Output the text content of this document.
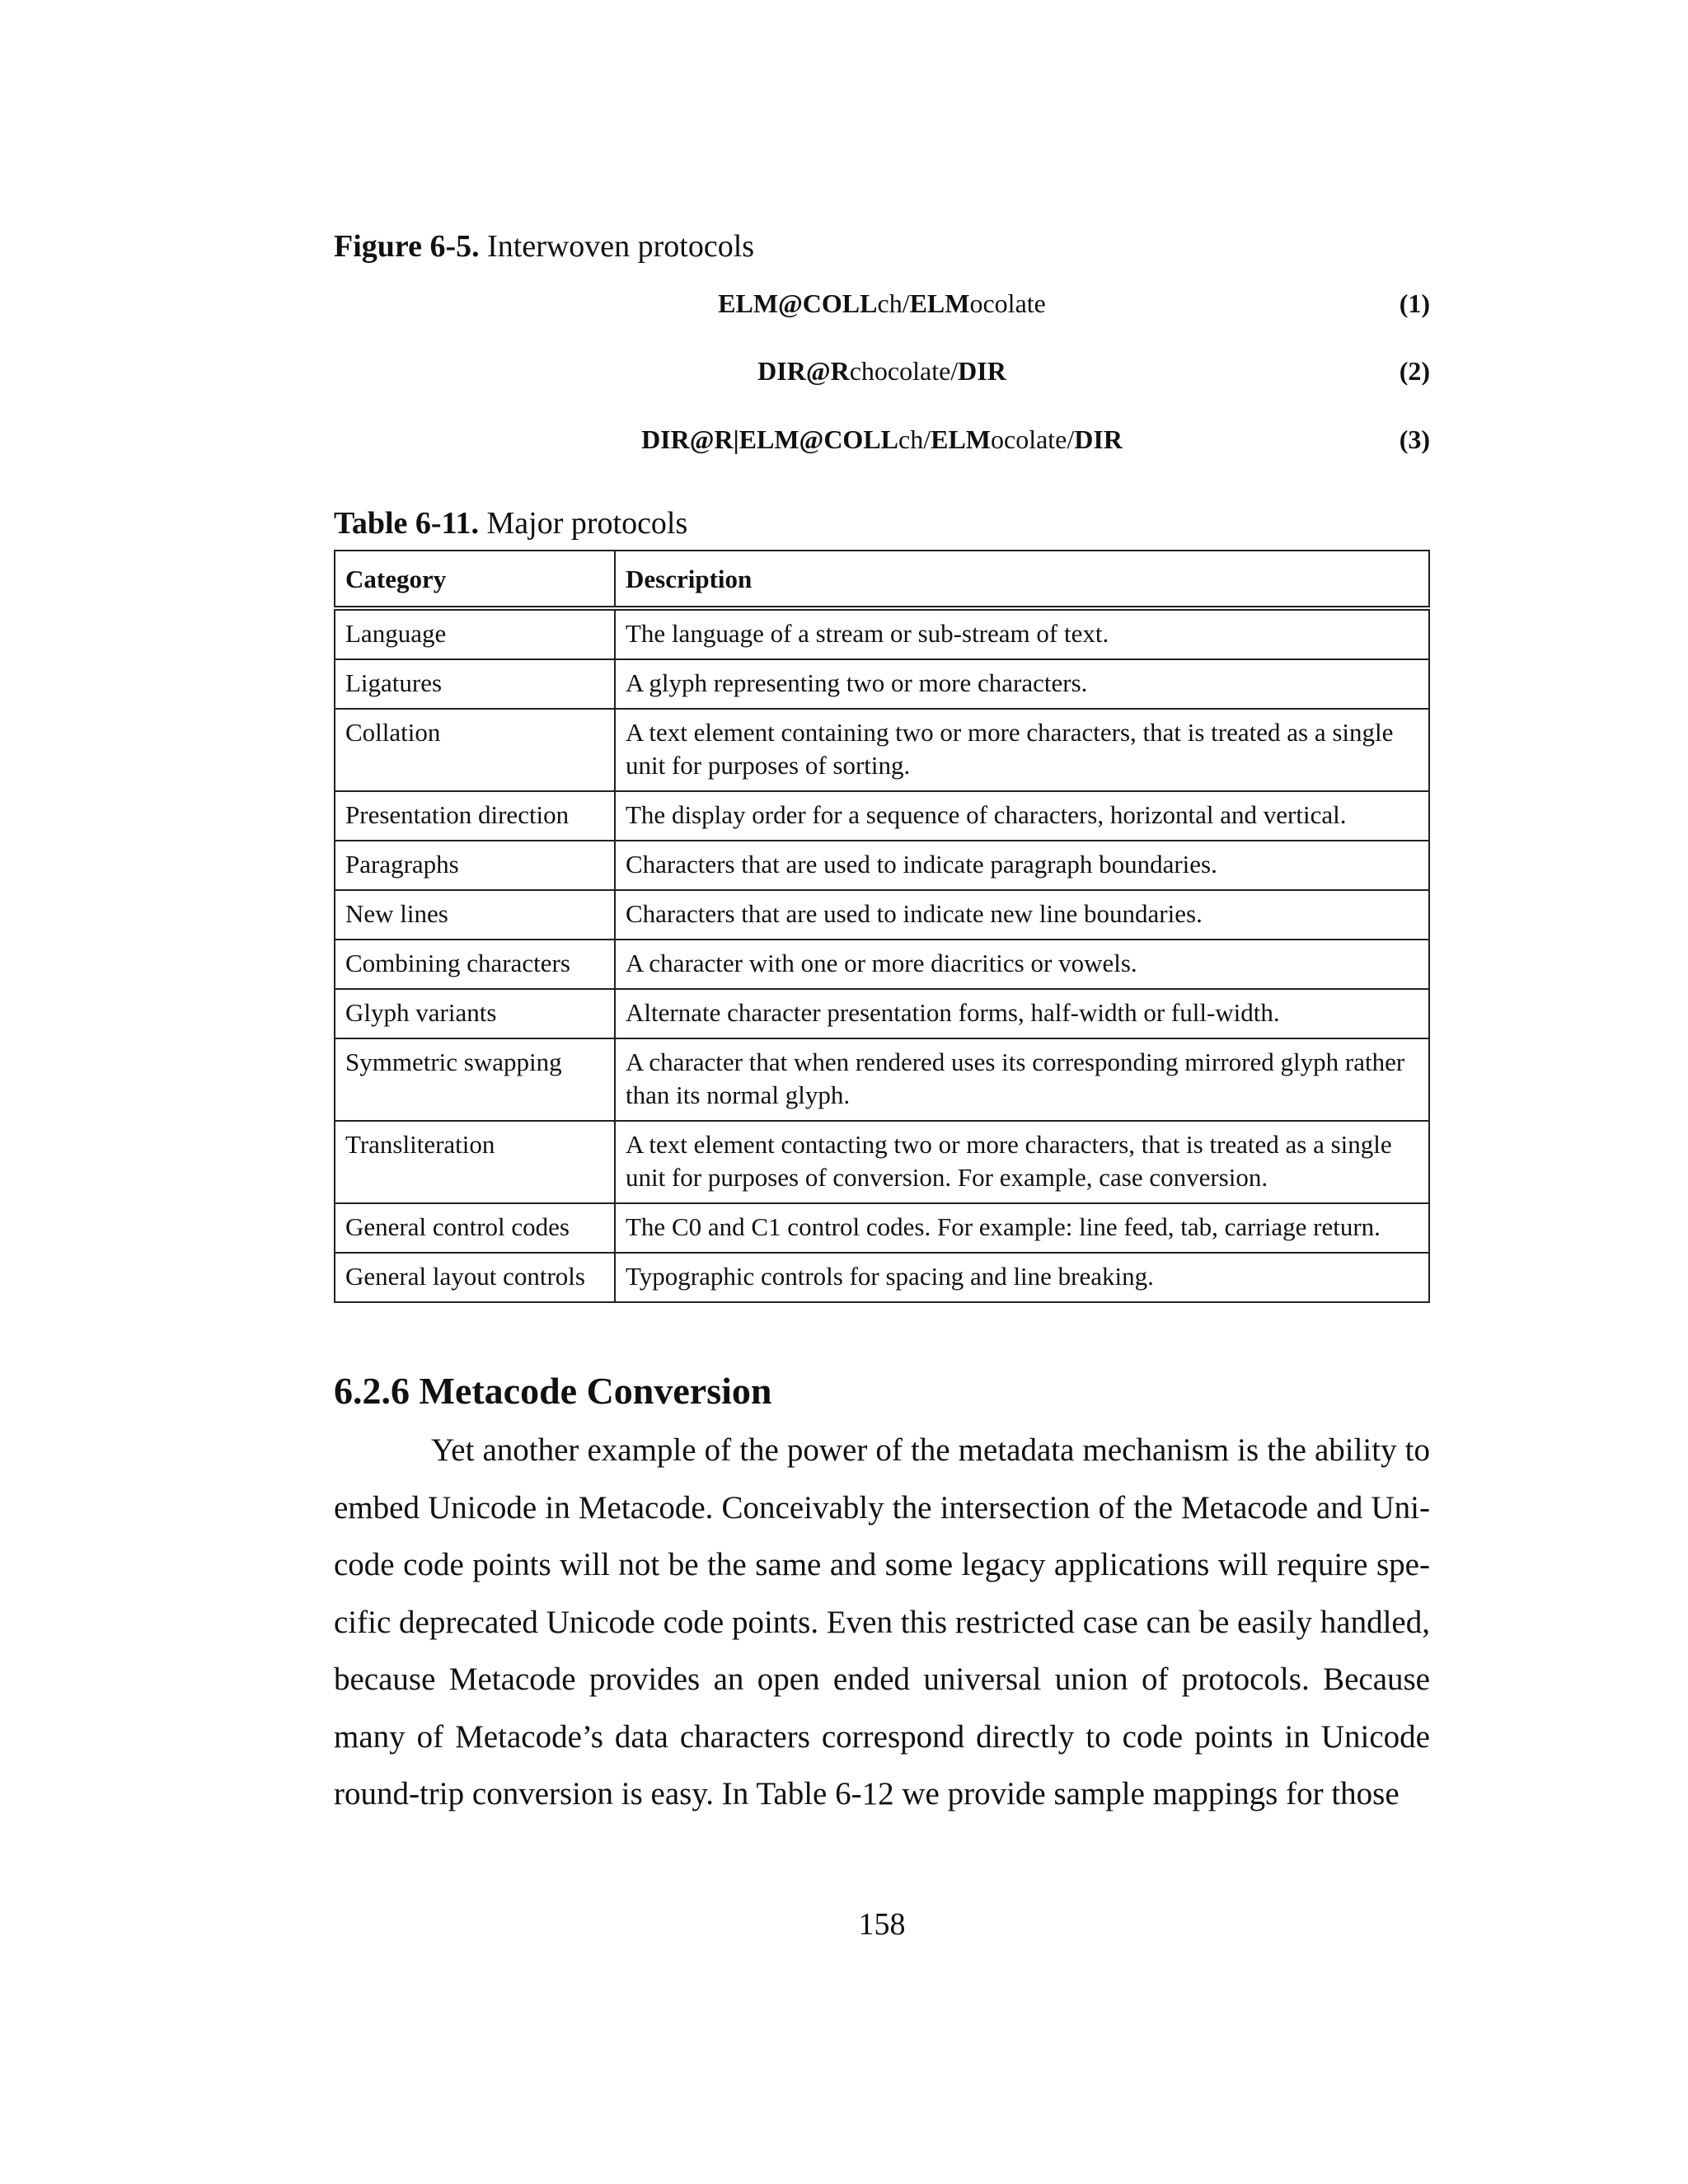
Figure 6-5. Interwoven protocols
ELM@COLLch/ELMocolate	(1)
DIR@Rchocolate/DIR	(2)
DIR@R|ELM@COLLch/ELMocolate/DIR	(3)
Table 6-11. Major protocols
Category	Description
Language	The language of a stream or sub-stream of text.
Ligatures	A glyph representing two or more characters.
Collation	A text element containing two or more characters, that is treated as a single unit for purposes of sorting.
Presentation direction	The display order for a sequence of characters, horizontal and vertical.
Paragraphs	Characters that are used to indicate paragraph boundaries.
New lines	Characters that are used to indicate new line boundaries.
Combining characters	A character with one or more diacritics or vowels.
Glyph variants	Alternate character presentation forms, half-width or full-width.
Symmetric swapping	A character that when rendered uses its corresponding mirrored glyph rather than its normal glyph.
Transliteration	A text element contacting two or more characters, that is treated as a single unit for purposes of conversion. For example, case conversion.
General control codes	The C0 and C1 control codes. For example: line feed, tab, carriage return.
General layout controls	Typographic controls for spacing and line breaking.
6.2.6 Metacode Conversion
Yet another example of the power of the metadata mechanism is the ability to embed Unicode in Metacode. Conceivably the intersection of the Metacode and Unicode code points will not be the same and some legacy applications will require specific deprecated Unicode code points. Even this restricted case can be easily handled, because Metacode provides an open ended universal union of protocols. Because many of Metacode’s data characters correspond directly to code points in Unicode round-trip conversion is easy. In Table 6-12 we provide sample mappings for those
158
